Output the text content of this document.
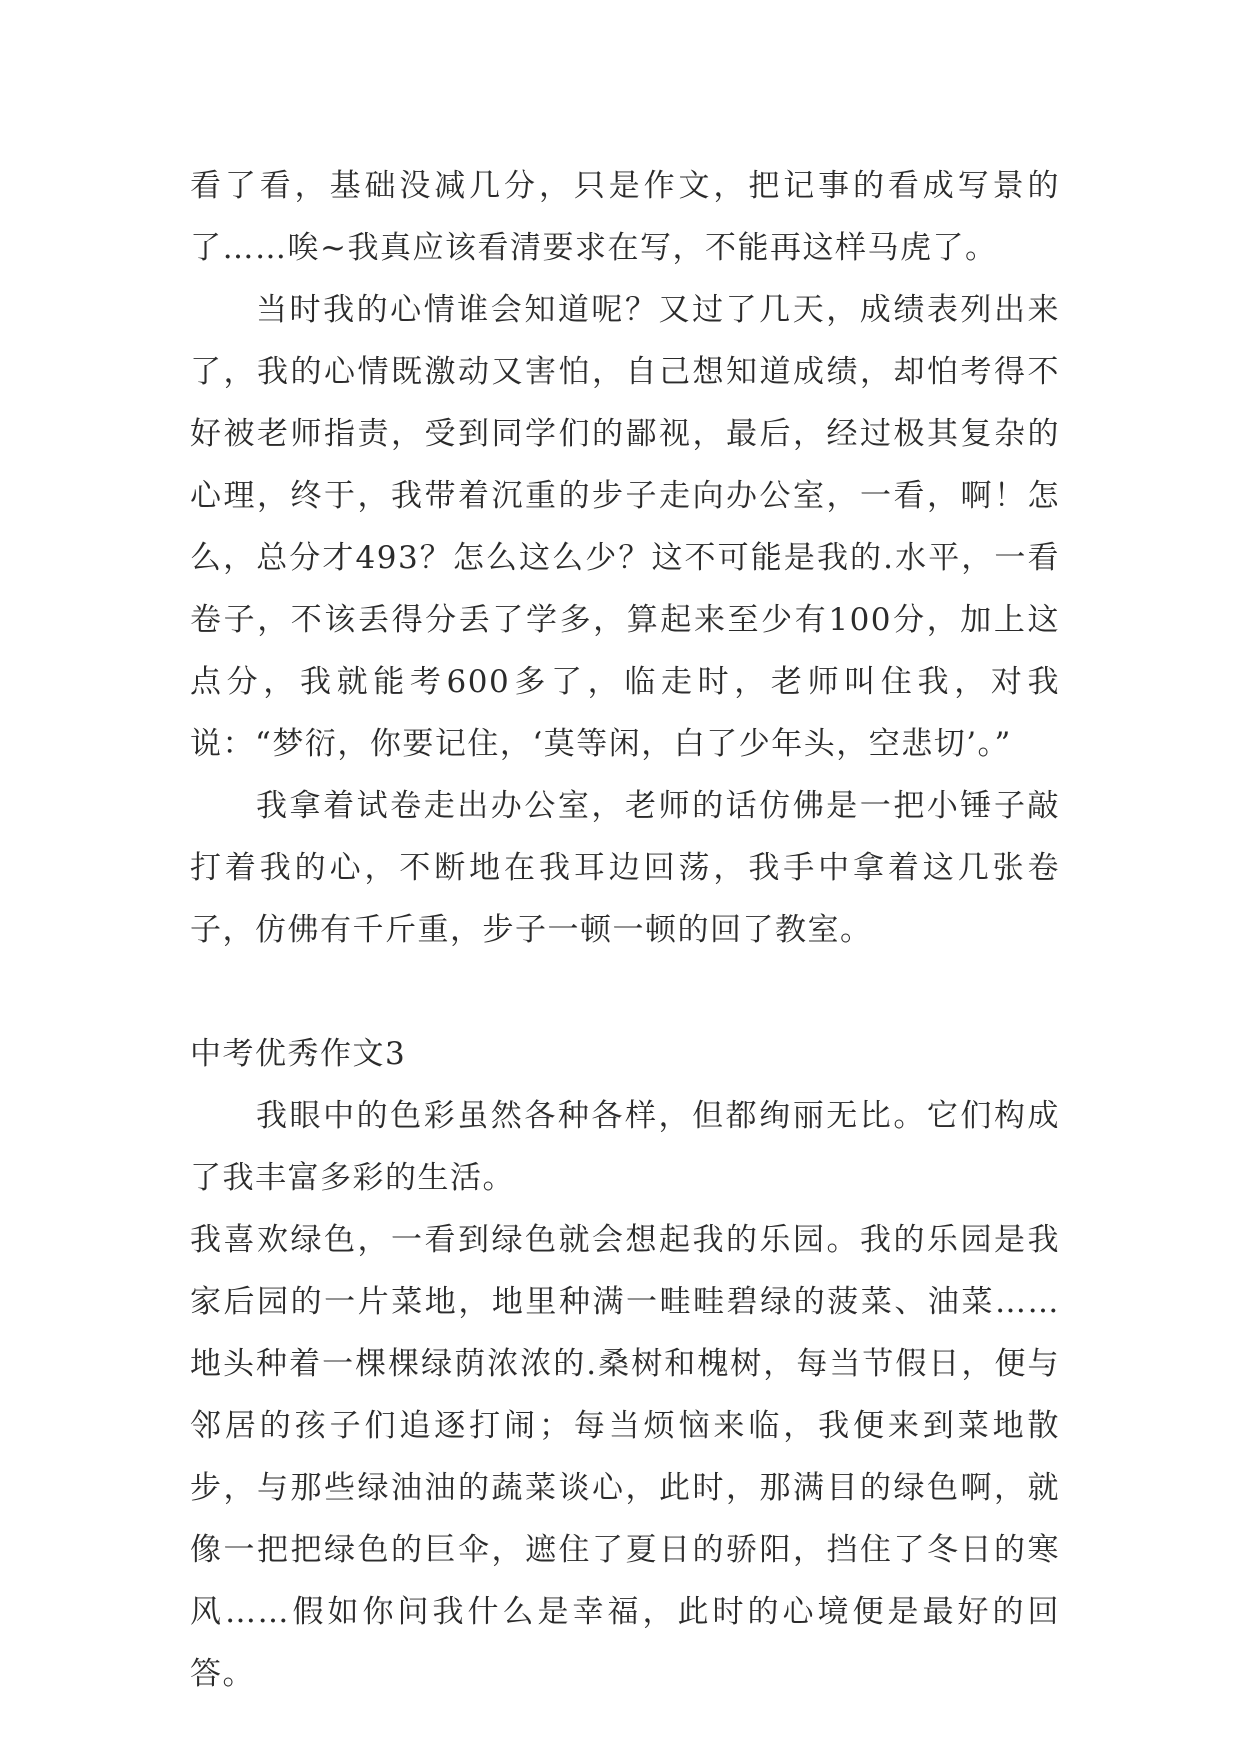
看了看，基础没减几分，只是作文，把记事的看成写景的了……唉~我真应该看清要求在写，不能再这样马虎了。

当时我的心情谁会知道呢？又过了几天，成绩表列出来了，我的心情既激动又害怕，自己想知道成绩，却怕考得不好被老师指责，受到同学们的鄙视，最后，经过极其复杂的心理，终于，我带着沉重的步子走向办公室，一看，啊！怎么，总分才493？怎么这么少？这不可能是我的.水平，一看卷子，不该丢得分丢了学多，算起来至少有100分，加上这点分，我就能考600多了，临走时，老师叫住我，对我说：“梦衍，你要记住，‘莫等闲，白了少年头，空悲切’。”

我拿着试卷走出办公室，老师的话仿佛是一把小锤子敲打着我的心，不断地在我耳边回荡，我手中拿着这几张卷子，仿佛有千斤重，步子一顿一顿的回了教室。

中考优秀作文3

我眼中的色彩虽然各种各样，但都绚丽无比。它们构成了我丰富多彩的生活。

我喜欢绿色，一看到绿色就会想起我的乐园。我的乐园是我家后园的一片菜地，地里种满一畦畦碧绿的菠菜、油菜……地头种着一棵棵绿荫浓浓的.桑树和槐树，每当节假日，便与邻居的孩子们追逐打闹；每当烦恼来临，我便来到菜地散步，与那些绿油油的蔬菜谈心，此时，那满目的绿色啊，就像一把把绿色的巨伞，遮住了夏日的骄阳，挡住了冬日的寒风……假如你问我什么是幸福，此时的心境便是最好的回答。
